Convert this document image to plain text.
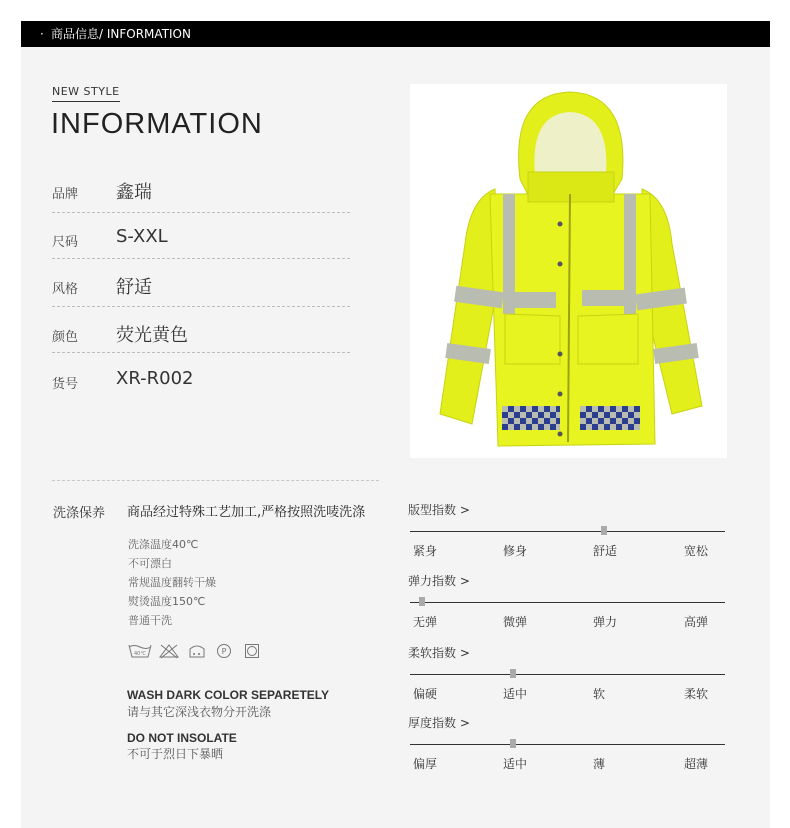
· 商品信息/ INFORMATION
NEW STYLE
INFORMATION
品牌 鑫瑞
尺码 S-XXL
风格 舒适
颜色 荧光黄色
货号 XR-R002
洗涤保养 商品经过特殊工艺加工,严格按照洗唛洗涤
洗涤温度40℃
不可漂白
常规温度翻转干燥
熨烫温度150℃
普通干洗
40℃	P
WASH DARK COLOR SEPARETELY
请与其它深浅衣物分开洗涤
DO NOT INSOLATE
不可于烈日下暴晒
版型指数 >
紧身	修身	舒适	宽松
弹力指数 >
无弹	微弹	弹力	高弹
柔软指数 >
偏硬	适中	软	柔软
厚度指数 >
偏厚	适中	薄	超薄
